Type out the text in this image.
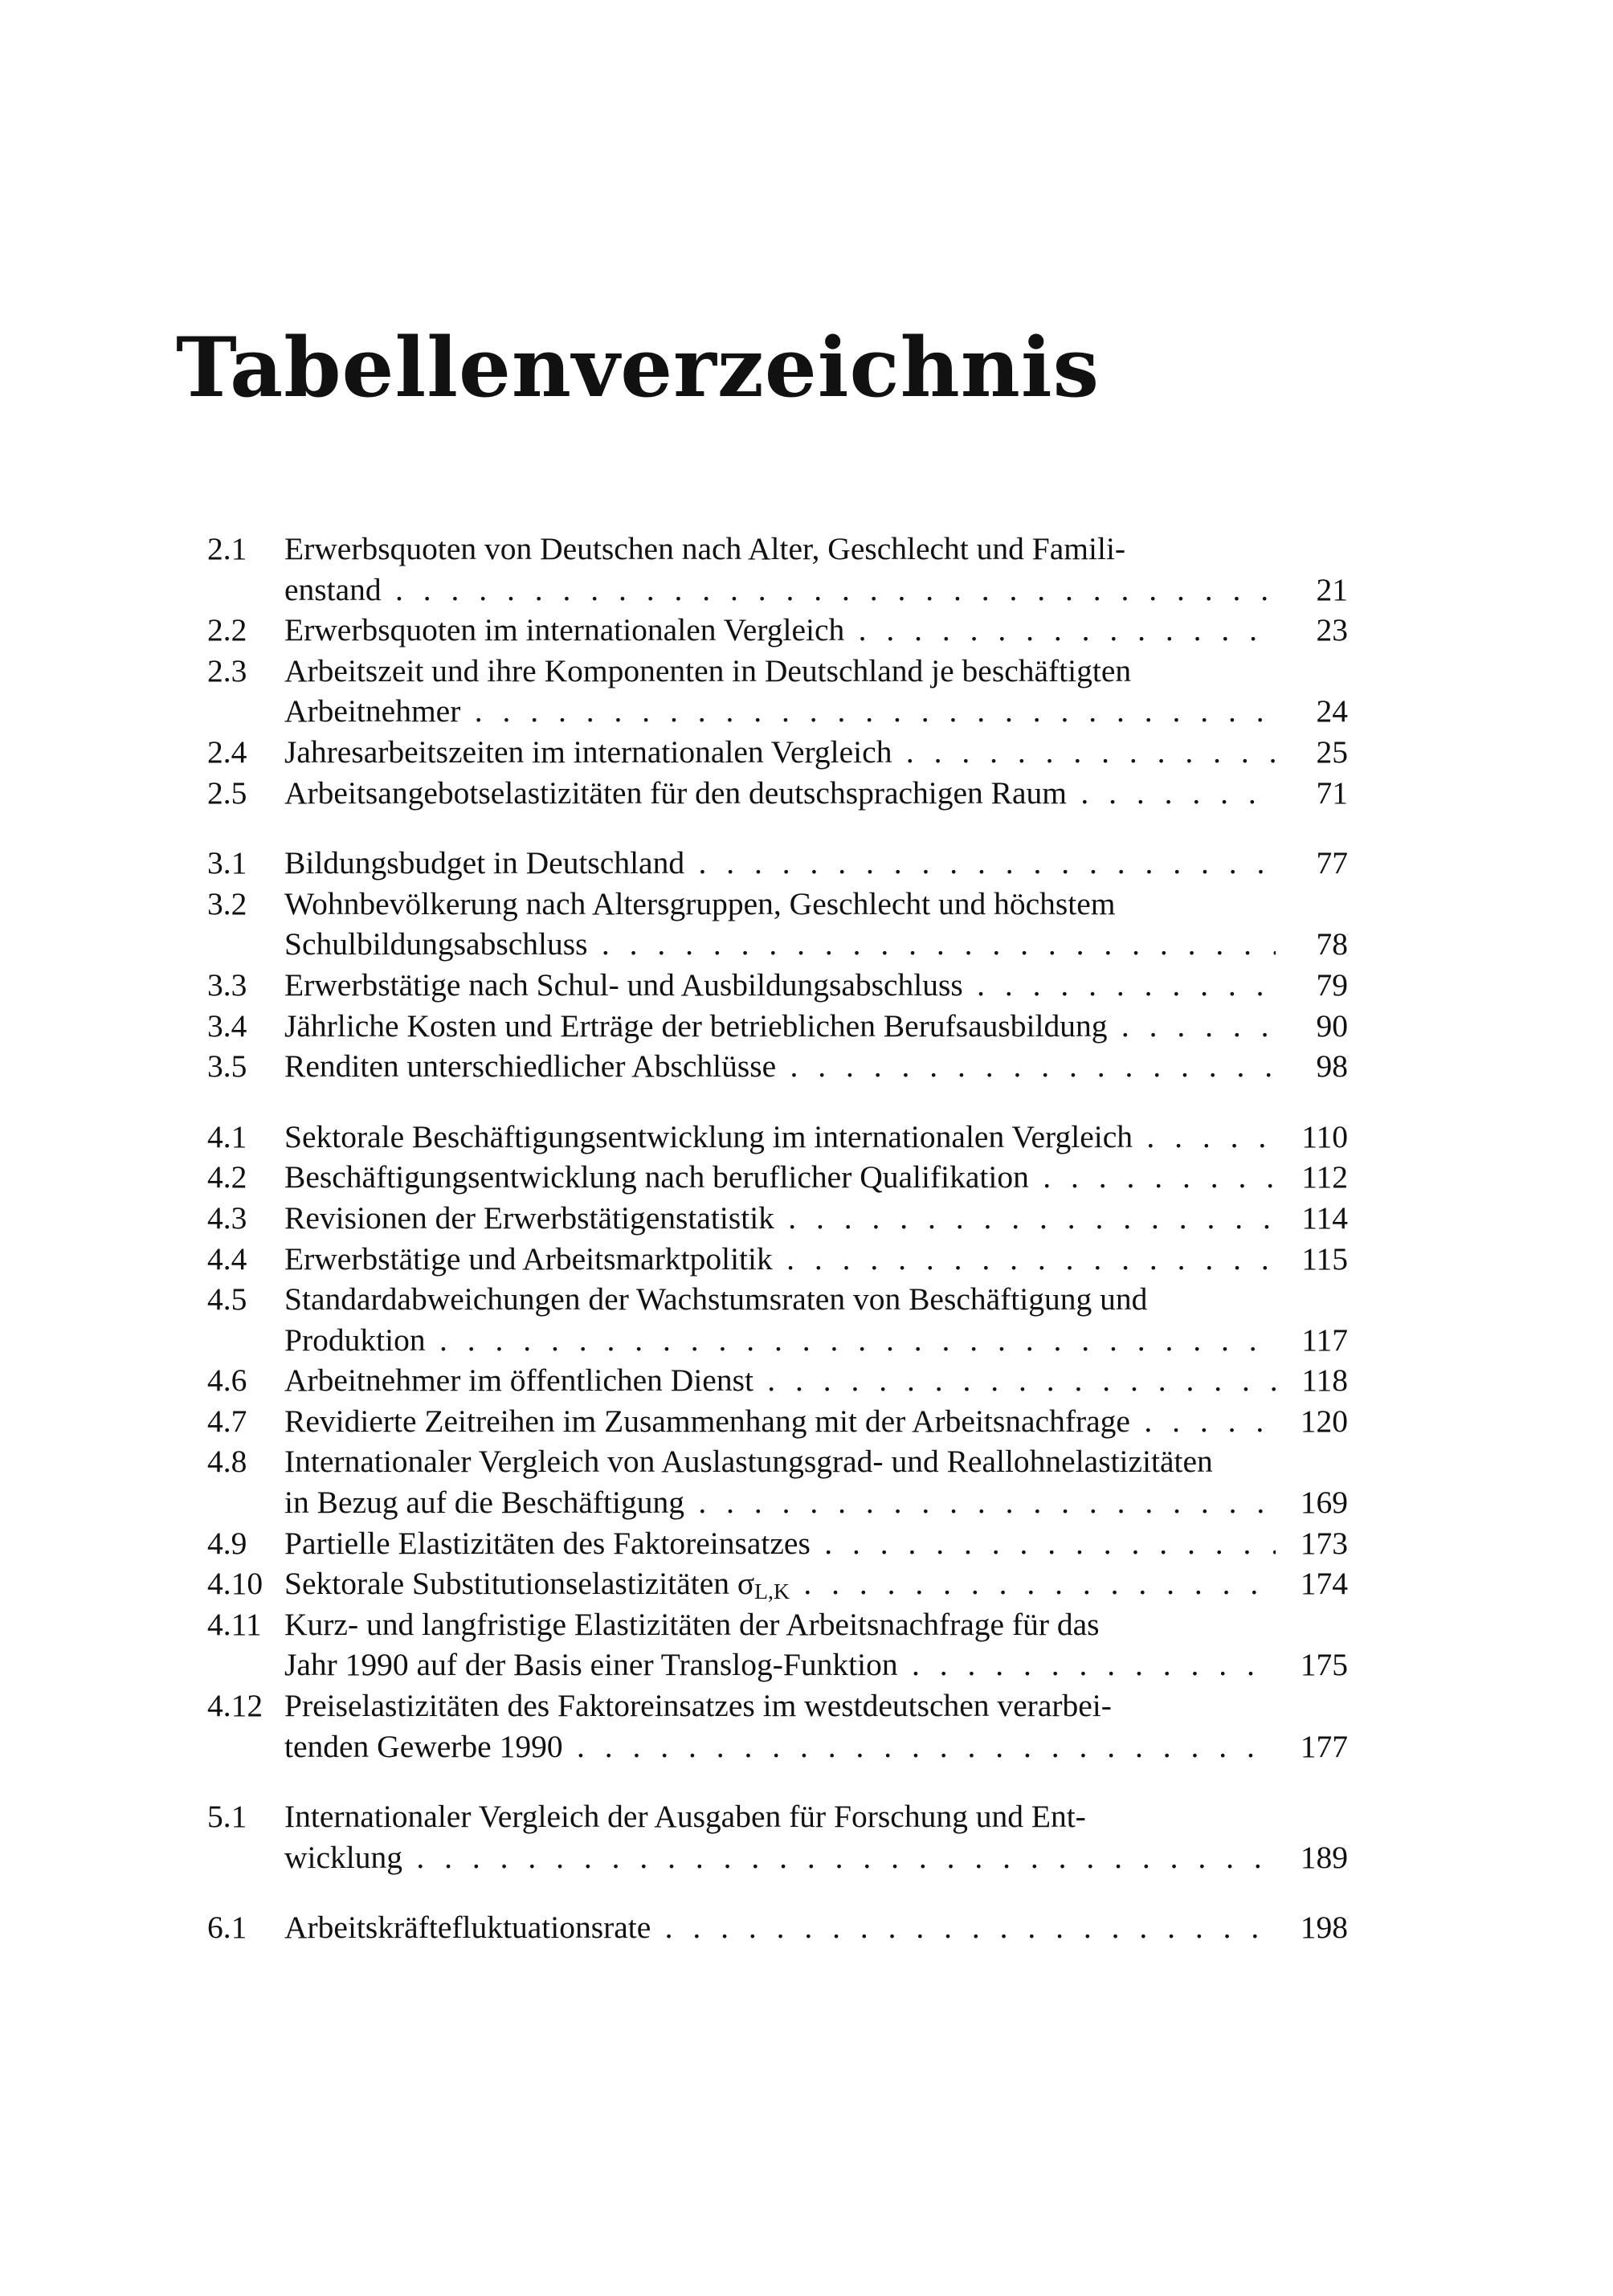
Tabellenverzeichnis
2.1 Erwerbsquoten von Deutschen nach Alter, Geschlecht und Famili-
enstand	21
. . .
2.2 Erwerbsquoten im internationalen Vergleich	23
. . .
2.3 Arbeitszeit und ihre Komponenten in Deutschland je beschäftigten
Arbeitnehmer	24
. . .
2.4 Jahresarbeitszeiten im internationalen Vergleich	25
. . .
2.5 Arbeitsangebotselastizitäten für den deutschsprachigen Raum	71
. . .
3.1 Bildungsbudget in Deutschland	77
. . .
3.2 Wohnbevölkerung nach Altersgruppen, Geschlecht und höchstem
Schulbildungsabschluss	78
. . .
3.3 Erwerbstätige nach Schul- und Ausbildungsabschluss	79
. . .
3.4 Jährliche Kosten und Erträge der betrieblichen Berufsausbildung	90
. . .
3.5 Renditen unterschiedlicher Abschlüsse	98
. . .
4.1 Sektorale Beschäftigungsentwicklung im internationalen Vergleich	110
. . .
4.2 Beschäftigungsentwicklung nach beruflicher Qualifikation	112
. . .
4.3 Revisionen der Erwerbstätigenstatistik	114
. . .
4.4 Erwerbstätige und Arbeitsmarktpolitik	115
. . .
4.5 Standardabweichungen der Wachstumsraten von Beschäftigung und
Produktion	117
. . .
4.6 Arbeitnehmer im öffentlichen Dienst	118
. . .
4.7 Revidierte Zeitreihen im Zusammenhang mit der Arbeitsnachfrage	120
. . .
4.8 Internationaler Vergleich von Auslastungsgrad- und Reallohnelastizitäten
in Bezug auf die Beschäftigung	169
. . .
4.9 Partielle Elastizitäten des Faktoreinsatzes	173
. . .
4.10 Sektorale Substitutionselastizitäten $\sigma_{L,K}$	174
. . .
4.11 Kurz- und langfristige Elastizitäten der Arbeitsnachfrage für das
Jahr 1990 auf der Basis einer Translog-Funktion	175
. . .
4.12 Preiselastizitäten des Faktoreinsatzes im westdeutschen verarbei-
tenden Gewerbe 1990	177
. . .
5.1 Internationaler Vergleich der Ausgaben für Forschung und Ent-
wicklung	189
. . .
6.1 Arbeitskräftefluktuationsrate	198
. . .
